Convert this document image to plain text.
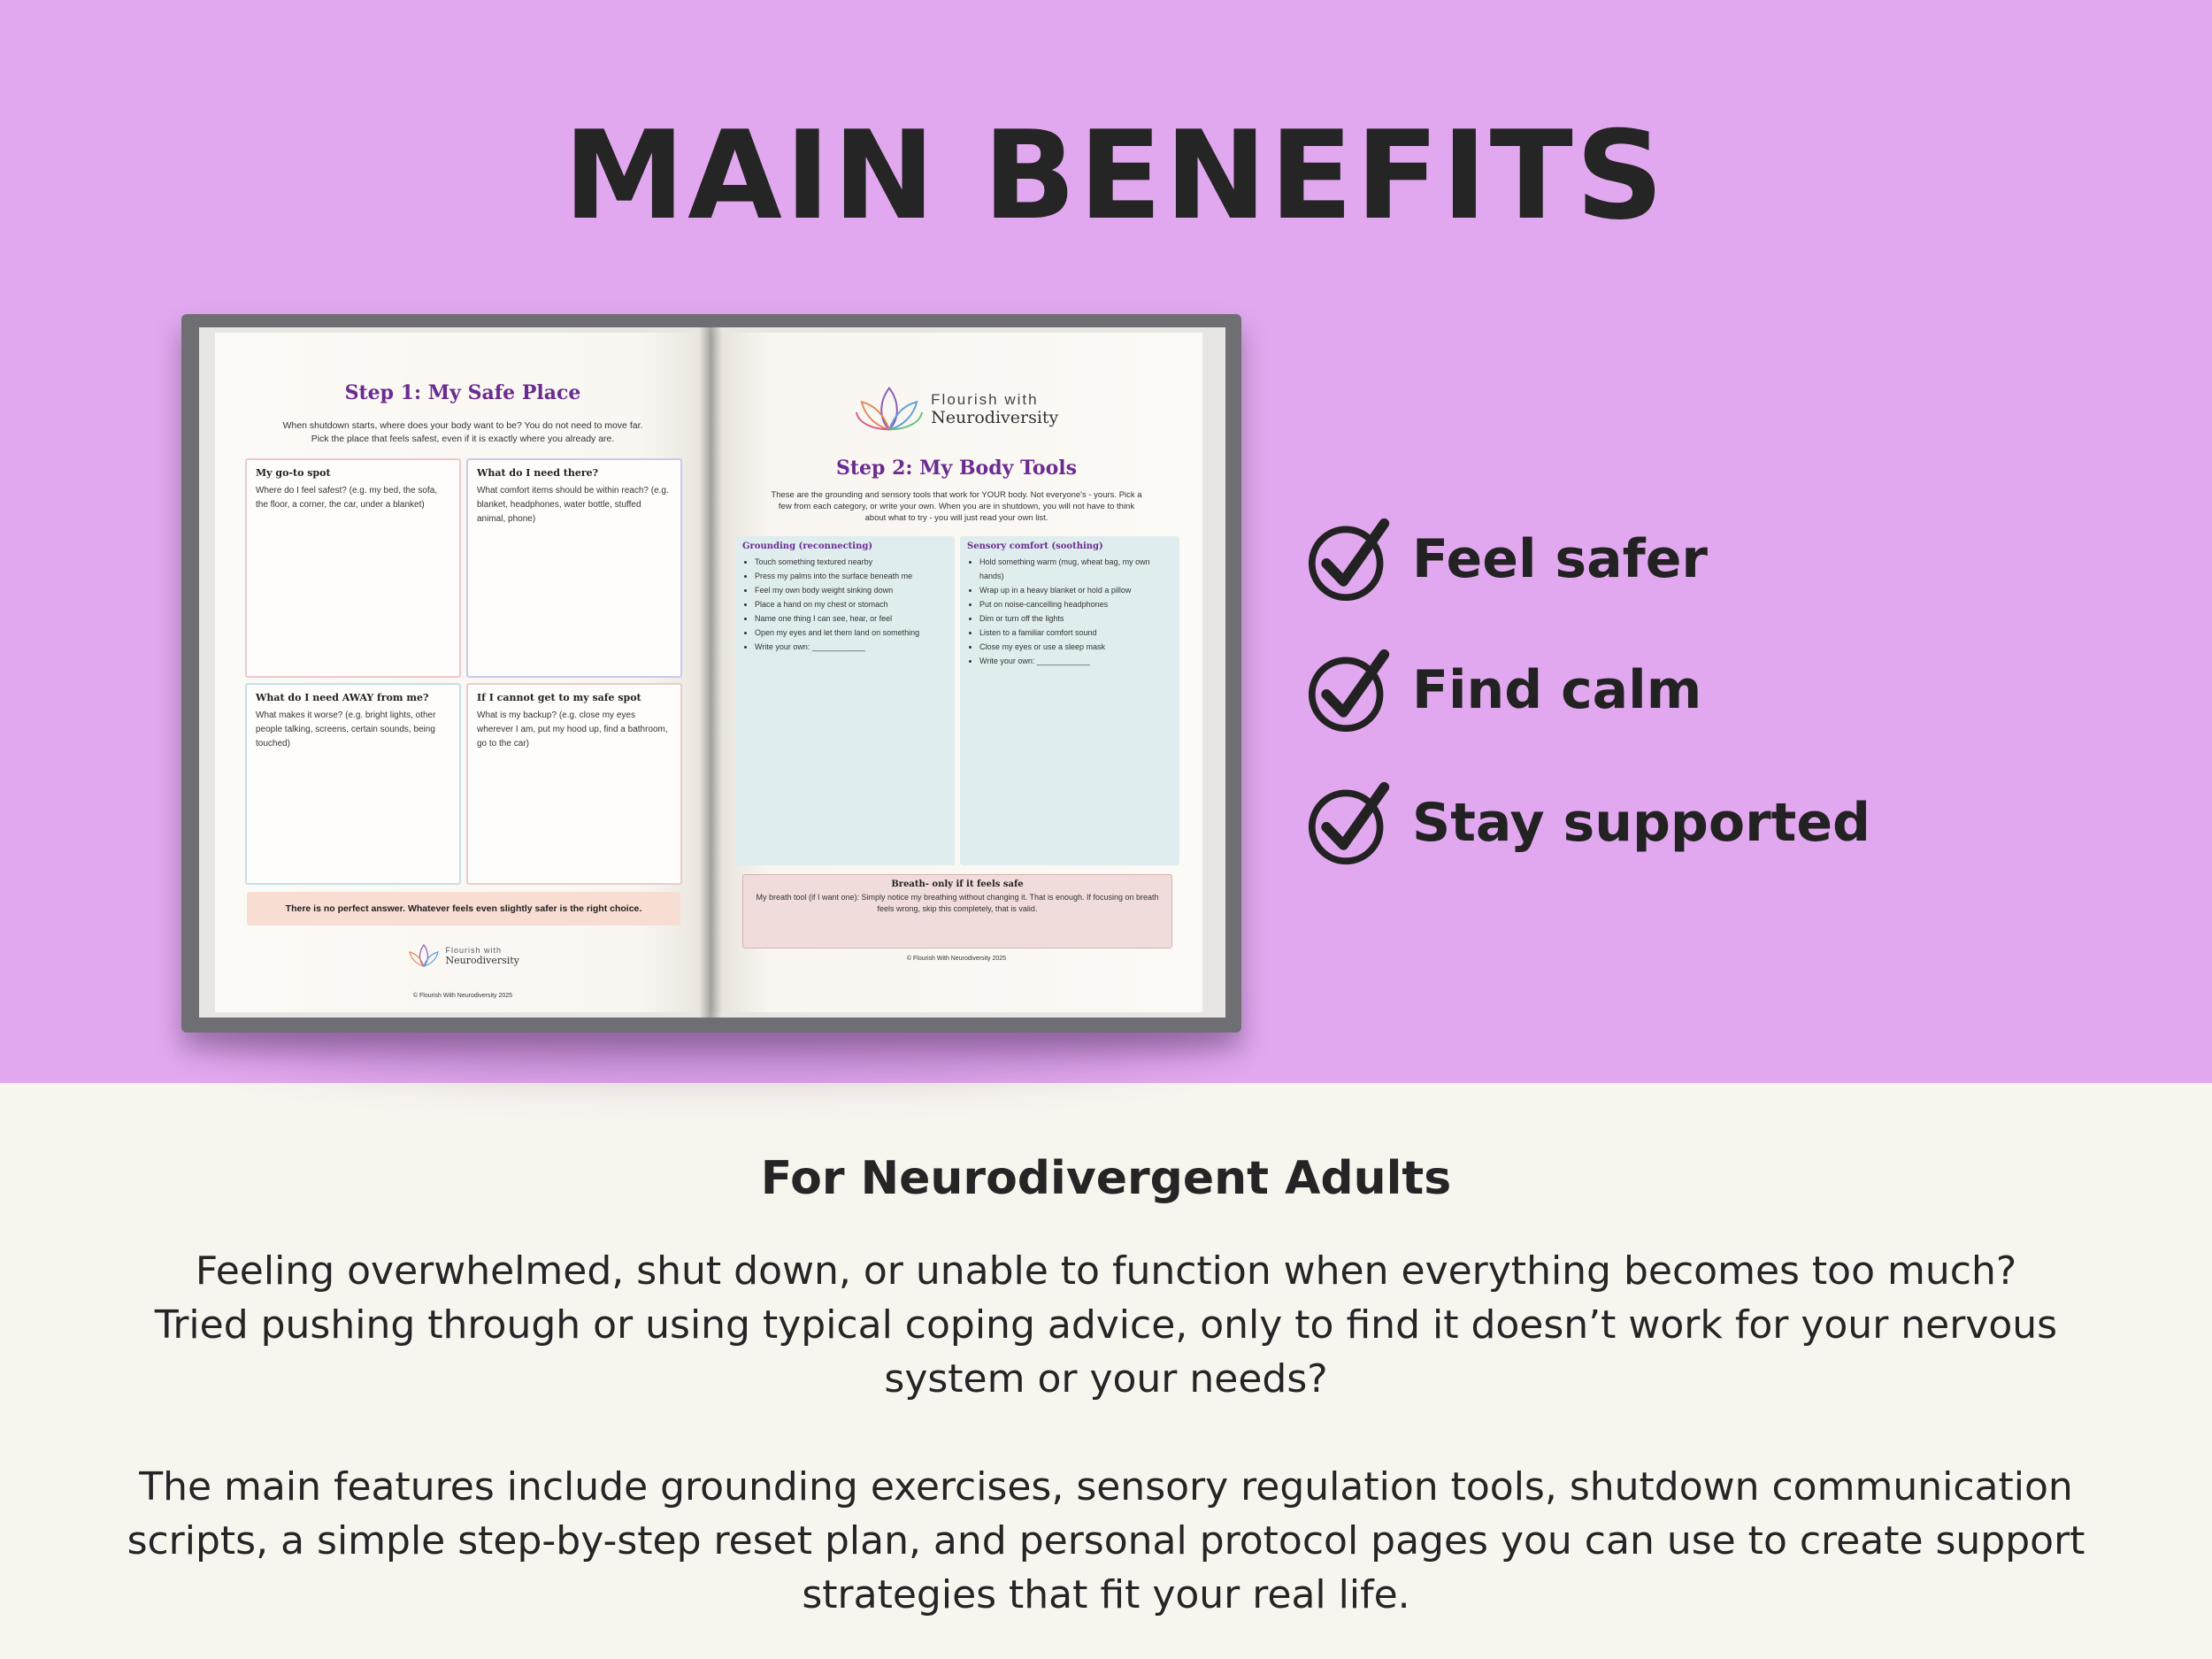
MAIN BENEFITS
Step 1: My Safe Place
When shutdown starts, where does your body want to be? You do not need to move far.
Pick the place that feels safest, even if it is exactly where you already are.
My go-to spot

Where do I feel safest? (e.g. my bed, the sofa, the floor, a corner, the car, under a blanket)

What do I need there?

What comfort items should be within reach? (e.g. blanket, headphones, water bottle, stuffed animal, phone)

What do I need AWAY from me?

What makes it worse? (e.g. bright lights, other people talking, screens, certain sounds, being touched)

If I cannot get to my safe spot

What is my backup? (e.g. close my eyes wherever I am, put my hood up, find a bathroom, go to the car)

There is no perfect answer. Whatever feels even slightly safer is the right choice.

Flourish with
Neurodiversity
© Flourish With Neurodiversity 2025

Flourish with
Neurodiversity
Step 2: My Body Tools
These are the grounding and sensory tools that work for YOUR body. Not everyone's - yours. Pick a
few from each category, or write your own. When you are in shutdown, you will not have to think
about what to try - you will just read your own list.
Grounding (reconnecting)
• Touch something textured nearby
• Press my palms into the surface beneath me
• Feel my own body weight sinking down
• Place a hand on my chest or stomach
• Name one thing I can see, hear, or feel
• Open my eyes and let them land on something
• Write your own: ____________
Sensory comfort (soothing)
• Hold something warm (mug, wheat bag, my own hands)
• Wrap up in a heavy blanket or hold a pillow
• Put on noise-cancelling headphones
• Dim or turn off the lights
• Listen to a familiar comfort sound
• Close my eyes or use a sleep mask
• Write your own: ____________
Breath- only if it feels safe

My breath tool (if I want one): Simply notice my breathing without changing it. That is enough. If focusing on breath feels wrong, skip this completely, that is valid.

© Flourish With Neurodiversity 2025
Feel safer
Find calm
Stay supported
For Neurodivergent Adults
Feeling overwhelmed, shut down, or unable to function when everything becomes too much?
Tried pushing through or using typical coping advice, only to find it doesn’t work for your nervous
system or your needs?
The main features include grounding exercises, sensory regulation tools, shutdown communication
scripts, a simple step-by-step reset plan, and personal protocol pages you can use to create support
strategies that fit your real life.
